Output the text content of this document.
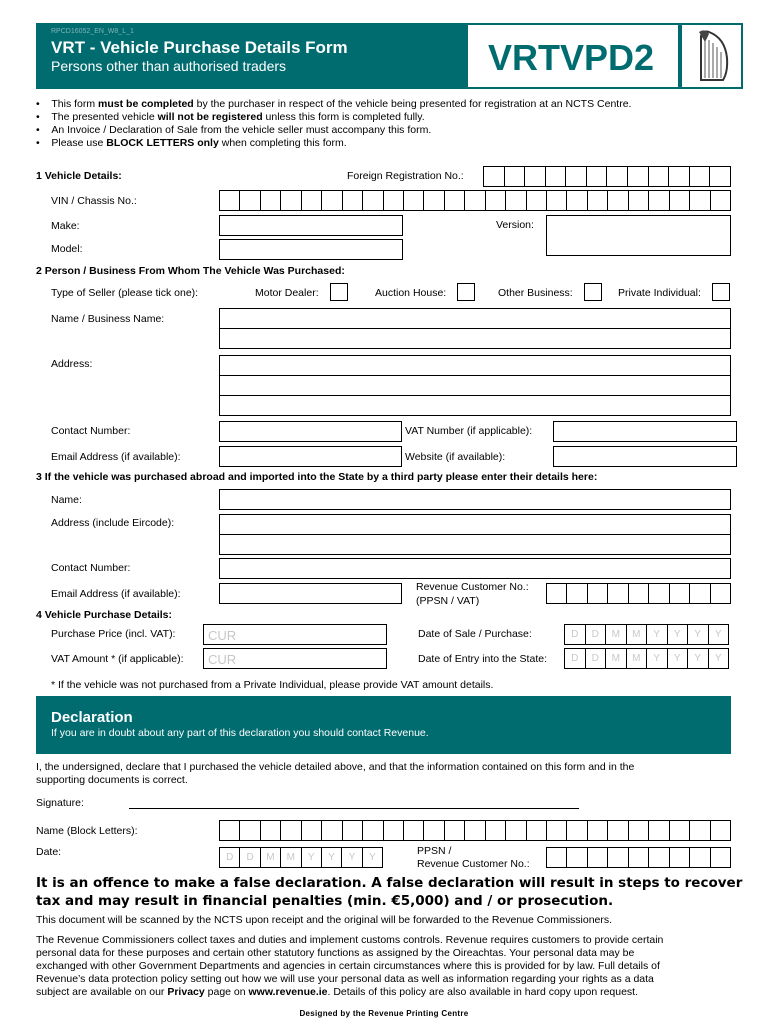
RPCD16052_EN_W8_L_1
VRT - Vehicle Purchase Details Form
Persons other than authorised traders	VRTVPD2
•    This form must be completed by the purchaser in respect of the vehicle being presented for registration at an NCTS Centre.
•    The presented vehicle will not be registered unless this form is completed fully.
•    An Invoice / Declaration of Sale from the vehicle seller must accompany this form.
•    Please use BLOCK LETTERS only when completing this form.
1 Vehicle Details:	Foreign Registration No.:
VIN / Chassis No.:
Make:	Version:
Model:
2 Person / Business From Whom The Vehicle Was Purchased:
Type of Seller (please tick one):	Motor Dealer:	Auction House:	Other Business:	Private Individual:
Name / Business Name:
Address:
Contact Number:	VAT Number (if applicable):
Email Address (if available):	Website (if available):
3 If the vehicle was purchased abroad and imported into the State by a third party please enter their details here:
Name:
Address (include Eircode):
Contact Number:
Email Address (if available):
Revenue Customer No.:
(PPSN / VAT)
4 Vehicle Purchase Details:
Purchase Price (incl. VAT):	CUR	Date of Sale / Purchase:	D	D	M	M	Y	Y	Y	Y
VAT Amount * (if applicable): CUR	Date of Entry into the State:	D	D	M	M	Y	Y	Y	Y
* If the vehicle was not purchased from a Private Individual, please provide VAT amount details.
Declaration
If you are in doubt about any part of this declaration you should contact Revenue.
I, the undersigned, declare that I purchased the vehicle detailed above, and that the information contained on this form and in the
supporting documents is correct.
Signature:
Name (Block Letters):
Date:	D	D	M	M	Y	Y	Y	Y
PPSN /
Revenue Customer No.:
It is an offence to make a false declaration. A false declaration will result in steps to recover
tax and may result in financial penalties (min. €5,000) and / or prosecution.
This document will be scanned by the NCTS upon receipt and the original will be forwarded to the Revenue Commissioners.
The Revenue Commissioners collect taxes and duties and implement customs controls. Revenue requires customers to provide certain
personal data for these purposes and certain other statutory functions as assigned by the Oireachtas. Your personal data may be
exchanged with other Government Departments and agencies in certain circumstances where this is provided for by law. Full details of
Revenue’s data protection policy setting out how we will use your personal data as well as information regarding your rights as a data
subject are available on our Privacy page on www.revenue.ie. Details of this policy are also available in hard copy upon request.
Designed by the Revenue Printing Centre
